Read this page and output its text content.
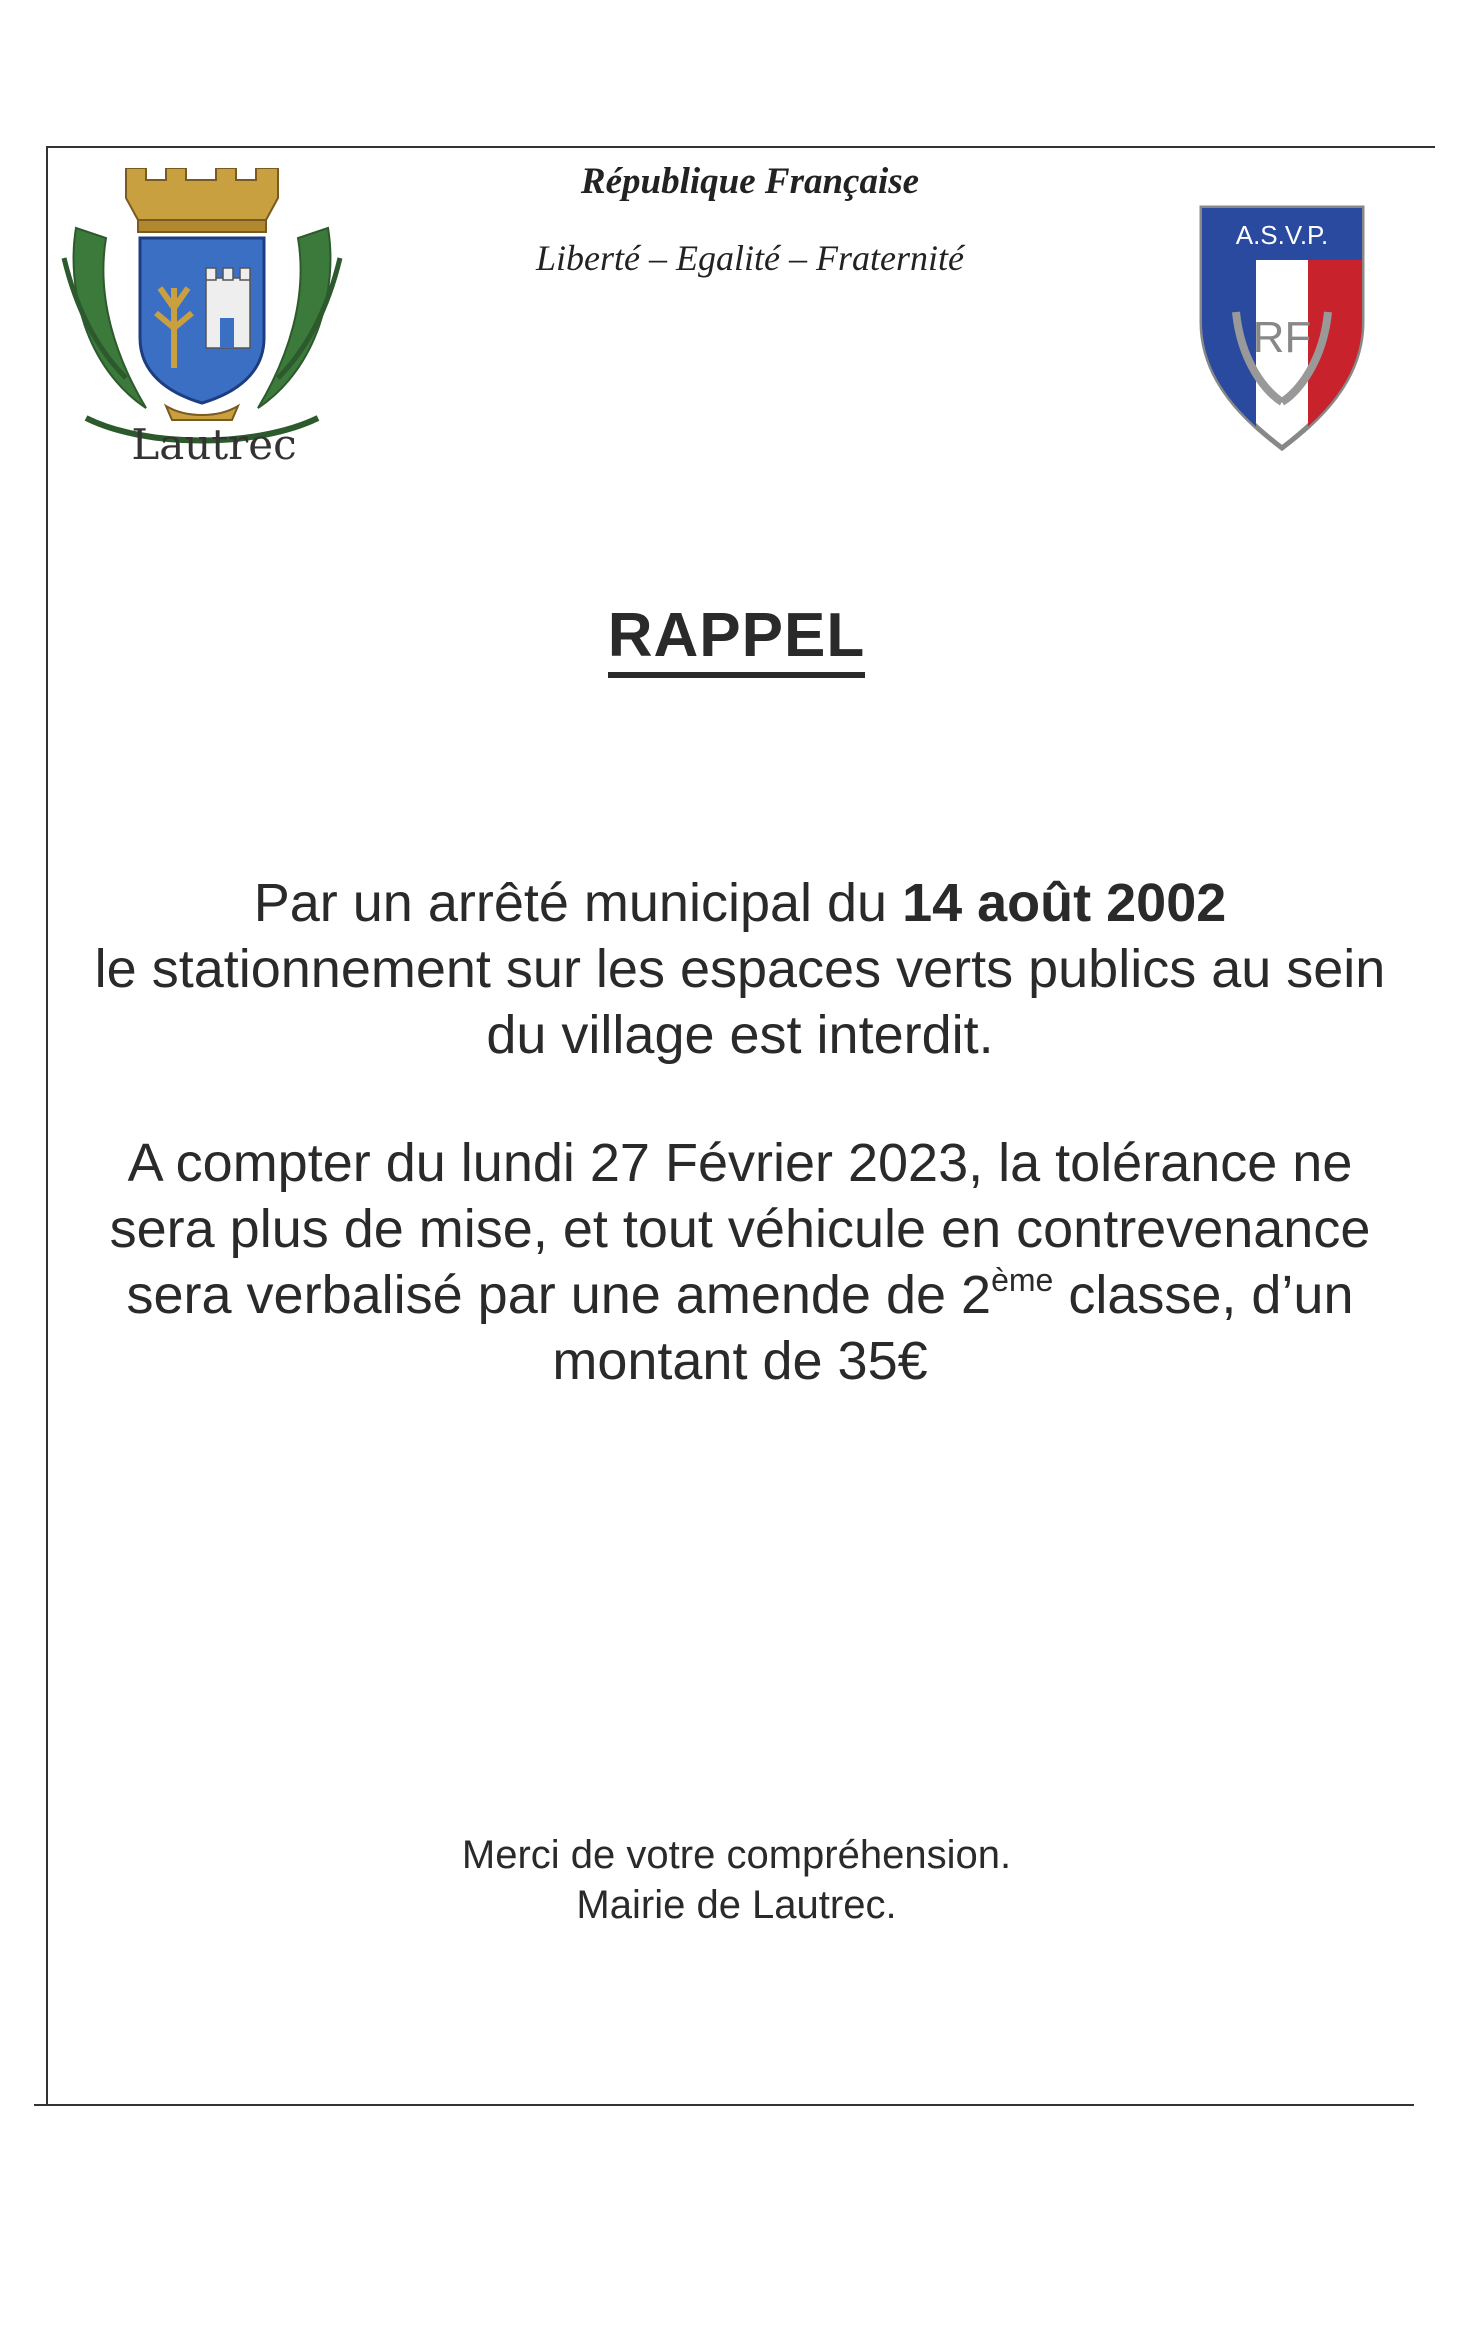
Lautrec
République Française
Liberté – Egalité – Fraternité
A.S.V.P.
RF
RAPPEL
Par un arrêté municipal du 14 août 2002
le stationnement sur les espaces verts publics au sein
du village est interdit.
A compter du lundi 27 Février 2023, la tolérance ne
sera plus de mise, et tout véhicule en contrevenance
sera verbalisé par une amende de 2ème classe, d’un
montant de 35€
Merci de votre compréhension.
Mairie de Lautrec.
